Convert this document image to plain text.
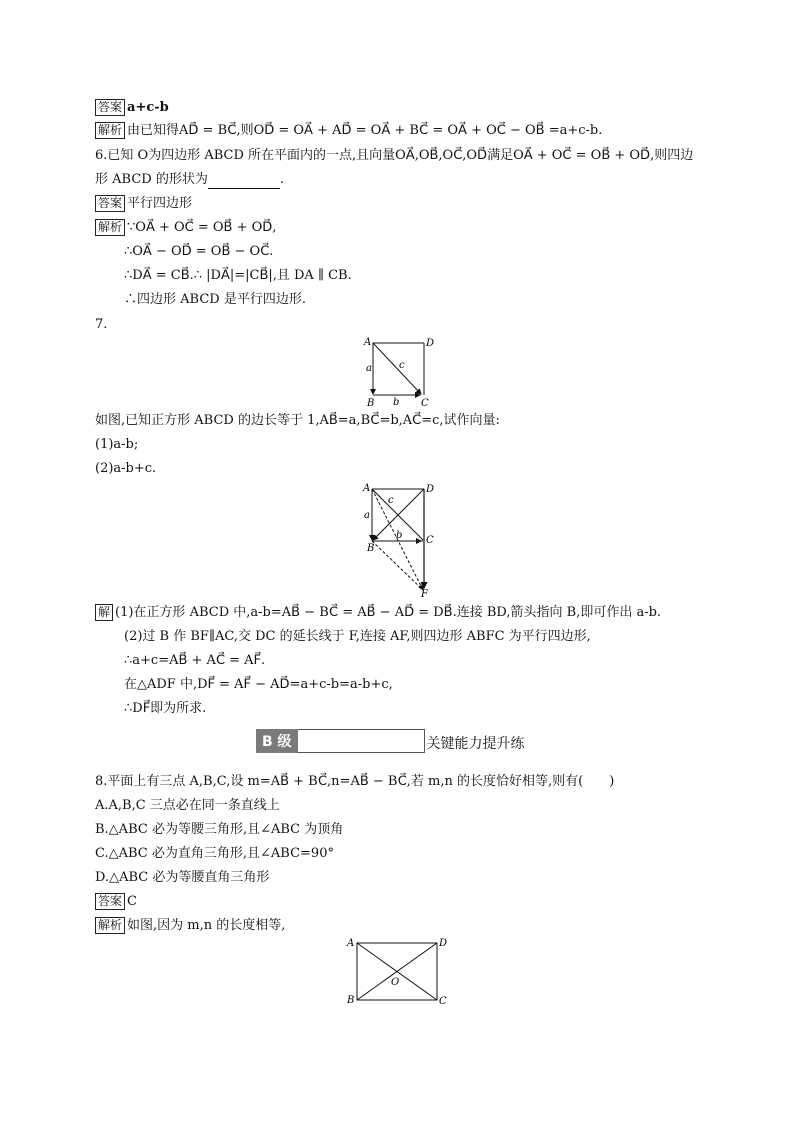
答案 a+c-b
解析 由已知得AD⃗ = BC⃗,则OD⃗ = OA⃗ + AD⃗ = OA⃗ + BC⃗ = OA⃗ + OC⃗ − OB⃗ =a+c-b.
6.已知 O为四边形 ABCD 所在平面内的一点,且向量OA⃗,OB⃗,OC⃗,OD⃗满足OA⃗ + OC⃗ = OB⃗ + OD⃗,则四边
形 ABCD 的形状为	.
答案 平行四边形
解析 ∵OA⃗ + OC⃗ = OB⃗ + OD⃗,
∴OA⃗ − OD⃗ = OB⃗ − OC⃗.
∴DA⃗ = CB⃗.∴ |DA⃗|=|CB⃗|,且 DA ∥ CB.
∴四边形 ABCD 是平行四边形.
7.
A	D
B	C
a
b
c
如图,已知正方形 ABCD 的边长等于 1,AB⃗=a,BC⃗=b,AC⃗=c,试作向量:
(1)a-b;
(2)a-b+c.
A	D
B
C
F
a
b
c
解 (1)在正方形 ABCD 中,a-b=AB⃗ − BC⃗ = AB⃗ − AD⃗ = DB⃗.连接 BD,箭头指向 B,即可作出 a-b.
(2)过 B 作 BF∥AC,交 DC 的延长线于 F,连接 AF,则四边形 ABFC 为平行四边形,
∴a+c=AB⃗ + AC⃗ = AF⃗.
在△ADF 中,DF⃗ = AF⃗ − AD⃗=a+c-b=a-b+c,
∴DF⃗即为所求.
B 级	关键能力提升练
8.平面上有三点 A,B,C,设 m=AB⃗ + BC⃗,n=AB⃗ − BC⃗,若 m,n 的长度恰好相等,则有(　　)
A.A,B,C 三点必在同一条直线上
B.△ABC 必为等腰三角形,且∠ABC 为顶角
C.△ABC 必为直角三角形,且∠ABC=90°
D.△ABC 必为等腰直角三角形
答案 C
解析 如图,因为 m,n 的长度相等,
A	D
B	C
O
